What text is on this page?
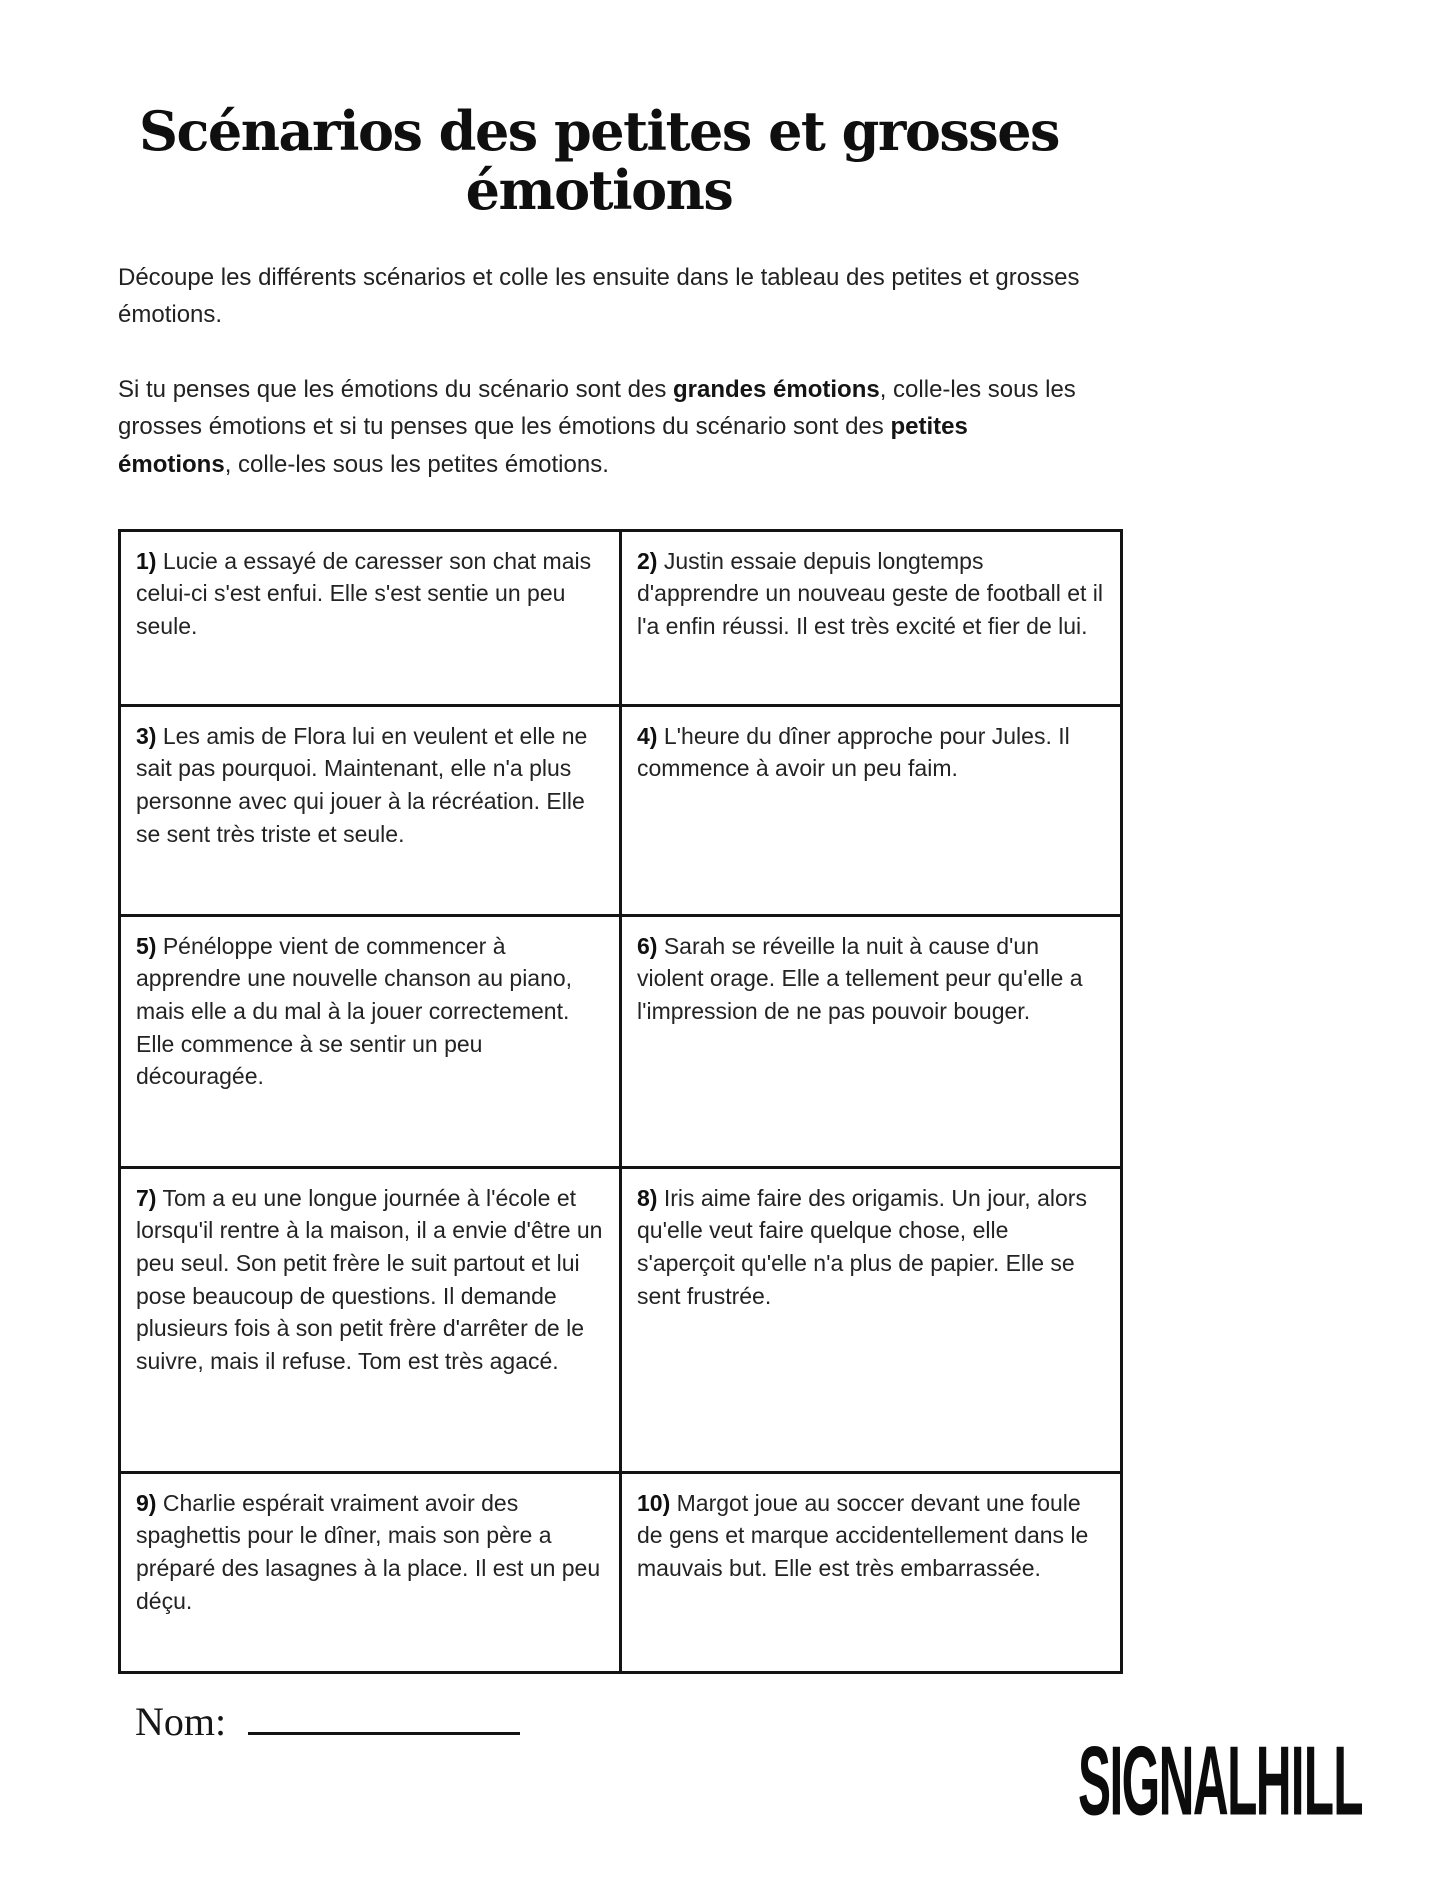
Scénarios des petites et grosses émotions

Découpe les différents scénarios et colle les ensuite dans le tableau des petites et grosses émotions.

Si tu penses que les émotions du scénario sont des grandes émotions, colle-les sous les grosses émotions et si tu penses que les émotions du scénario sont des petites émotions, colle-les sous les petites émotions.

1) Lucie a essayé de caresser son chat mais celui-ci s'est enfui. Elle s'est sentie un peu seule.	2) Justin essaie depuis longtemps d'apprendre un nouveau geste de football et il l'a enfin réussi. Il est très excité et fier de lui.
3) Les amis de Flora lui en veulent et elle ne sait pas pourquoi. Maintenant, elle n'a plus personne avec qui jouer à la récréation. Elle se sent très triste et seule.	4) L'heure du dîner approche pour Jules. Il commence à avoir un peu faim.
5) Pénéloppe vient de commencer à apprendre une nouvelle chanson au piano, mais elle a du mal à la jouer correctement. Elle commence à se sentir un peu découragée.	6) Sarah se réveille la nuit à cause d'un violent orage. Elle a tellement peur qu'elle a l'impression de ne pas pouvoir bouger.
7) Tom a eu une longue journée à l'école et lorsqu'il rentre à la maison, il a envie d'être un peu seul. Son petit frère le suit partout et lui pose beaucoup de questions. Il demande plusieurs fois à son petit frère d'arrêter de le suivre, mais il refuse. Tom est très agacé.	8) Iris aime faire des origamis. Un jour, alors qu'elle veut faire quelque chose, elle s'aperçoit qu'elle n'a plus de papier. Elle se sent frustrée.
9) Charlie espérait vraiment avoir des spaghettis pour le dîner, mais son père a préparé des lasagnes à la place. Il est un peu déçu.	10) Margot joue au soccer devant une foule de gens et marque accidentellement dans le mauvais but. Elle est très embarrassée.
Nom:
SIGNALHILL
